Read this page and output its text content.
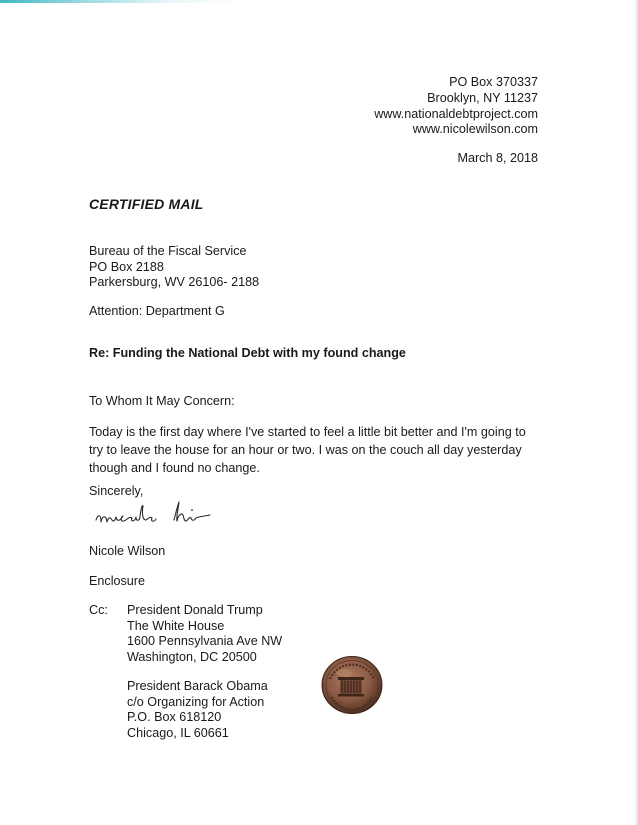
PO Box 370337
Brooklyn, NY 11237
www.nationaldebtproject.com
www.nicolewilson.com
March 8, 2018
CERTIFIED MAIL
Bureau of the Fiscal Service
PO Box 2188
Parkersburg, WV 26106- 2188
Attention: Department G
Re: Funding the National Debt with my found change
To Whom It May Concern:
Today is the first day where I've started to feel a little bit better and I'm going to
try to leave the house for an hour or two. I was on the couch all day yesterday
though and I found no change.
Sincerely,
Nicole Wilson
Enclosure
Cc: President Donald Trump
The White House
1600 Pennsylvania Ave NW
Washington, DC 20500
President Barack Obama
c/o Organizing for Action
P.O. Box 618120
Chicago, IL 60661
